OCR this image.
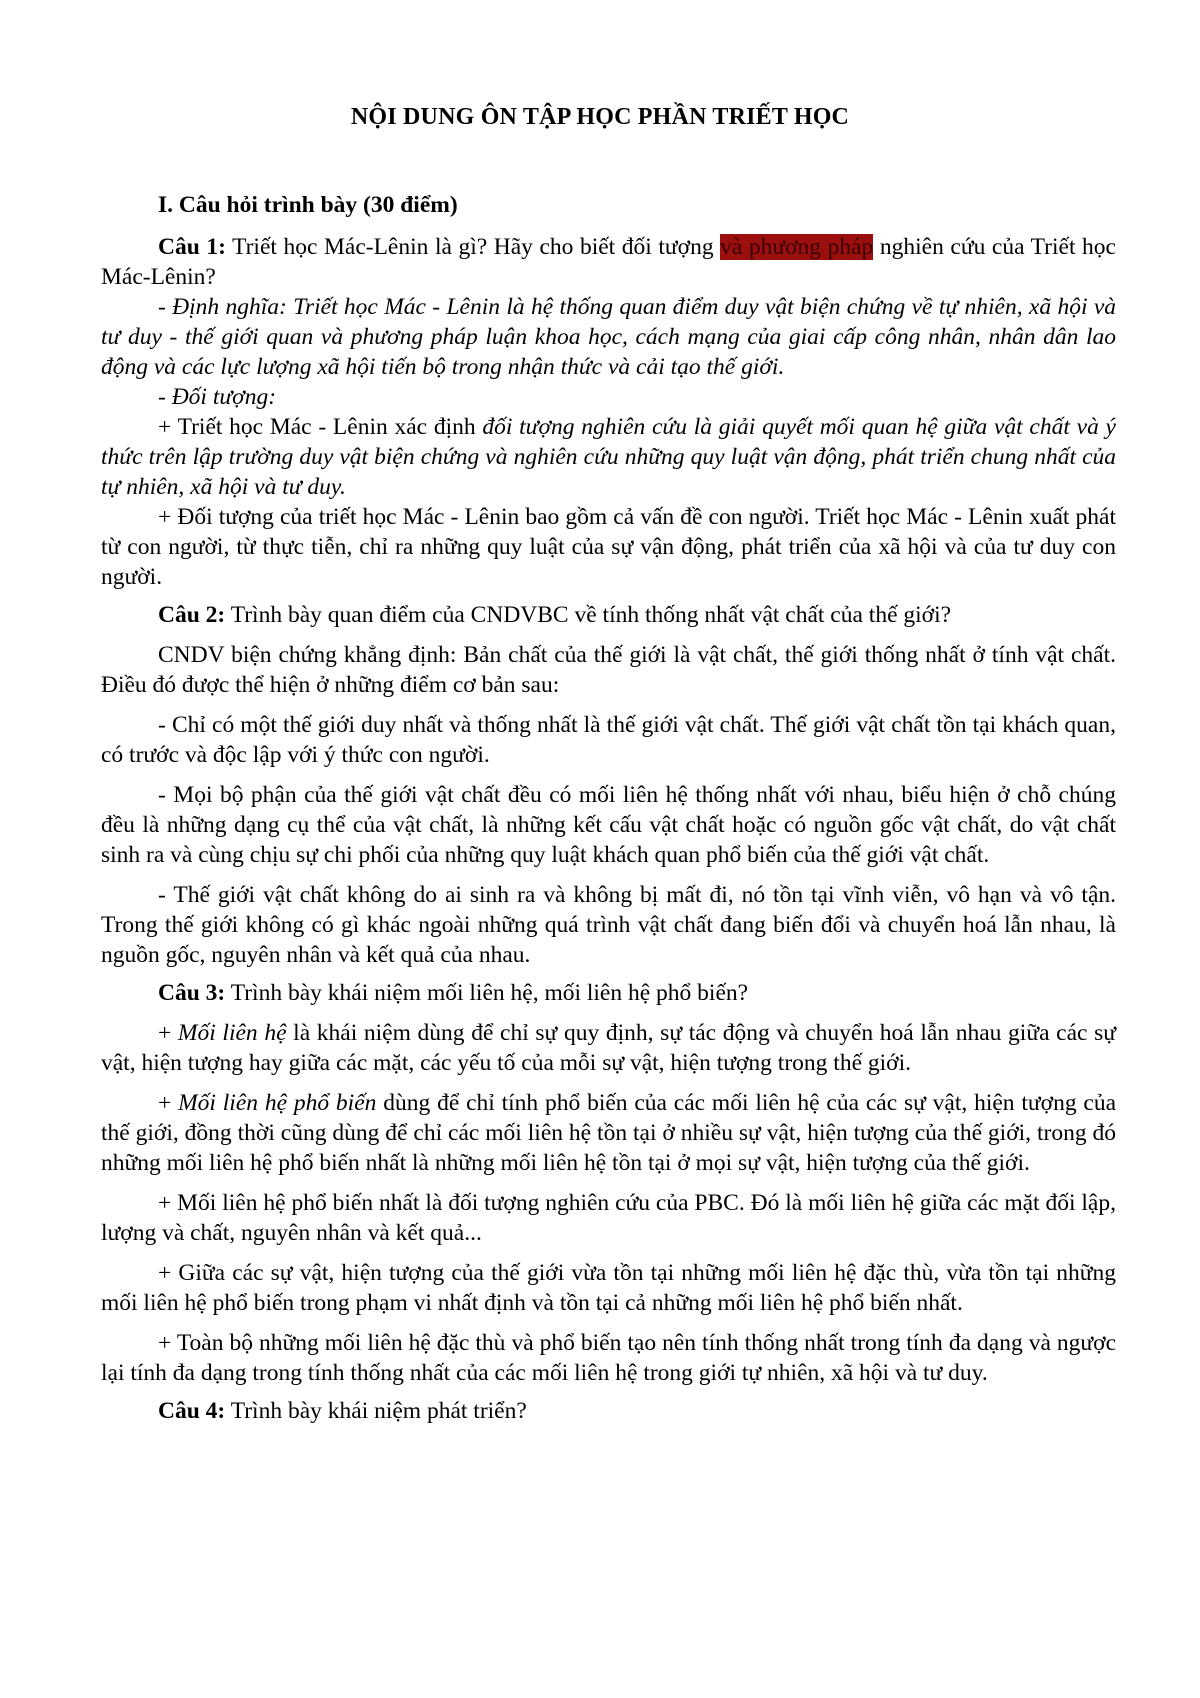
NỘI DUNG ÔN TẬP HỌC PHẦN TRIẾT HỌC

I. Câu hỏi trình bày (30 điểm)

Câu 1: Triết học Mác-Lênin là gì? Hãy cho biết đối tượng và phương pháp nghiên cứu của Triết học Mác-Lênin?

- Định nghĩa: Triết học Mác - Lênin là hệ thống quan điểm duy vật biện chứng về tự nhiên, xã hội và tư duy - thế giới quan và phương pháp luận khoa học, cách mạng của giai cấp công nhân, nhân dân lao động và các lực lượng xã hội tiến bộ trong nhận thức và cải tạo thế giới.

- Đối tượng:

+ Triết học Mác - Lênin xác định đối tượng nghiên cứu là giải quyết mối quan hệ giữa vật chất và ý thức trên lập trường duy vật biện chứng và nghiên cứu những quy luật vận động, phát triển chung nhất của tự nhiên, xã hội và tư duy.

+ Đối tượng của triết học Mác - Lênin bao gồm cả vấn đề con người. Triết học Mác - Lênin xuất phát từ con người, từ thực tiễn, chỉ ra những quy luật của sự vận động, phát triển của xã hội và của tư duy con người.

Câu 2: Trình bày quan điểm của CNDVBC về tính thống nhất vật chất của thế giới?

CNDV biện chứng khẳng định: Bản chất của thế giới là vật chất, thế giới thống nhất ở tính vật chất. Điều đó được thể hiện ở những điểm cơ bản sau:

- Chỉ có một thế giới duy nhất và thống nhất là thế giới vật chất. Thế giới vật chất tồn tại khách quan, có trước và độc lập với ý thức con người.

- Mọi bộ phận của thế giới vật chất đều có mối liên hệ thống nhất với nhau, biểu hiện ở chỗ chúng đều là những dạng cụ thể của vật chất, là những kết cấu vật chất hoặc có nguồn gốc vật chất, do vật chất sinh ra và cùng chịu sự chi phối của những quy luật khách quan phổ biến của thế giới vật chất.

- Thế giới vật chất không do ai sinh ra và không bị mất đi, nó tồn tại vĩnh viễn, vô hạn và vô tận. Trong thế giới không có gì khác ngoài những quá trình vật chất đang biến đổi và chuyển hoá lẫn nhau, là nguồn gốc, nguyên nhân và kết quả của nhau.

Câu 3: Trình bày khái niệm mối liên hệ, mối liên hệ phổ biến?

+ Mối liên hệ là khái niệm dùng để chỉ sự quy định, sự tác động và chuyển hoá lẫn nhau giữa các sự vật, hiện tượng hay giữa các mặt, các yếu tố của mỗi sự vật, hiện tượng trong thế giới.

+ Mối liên hệ phổ biến dùng để chỉ tính phổ biến của các mối liên hệ của các sự vật, hiện tượng của thế giới, đồng thời cũng dùng để chỉ các mối liên hệ tồn tại ở nhiều sự vật, hiện tượng của thế giới, trong đó những mối liên hệ phổ biến nhất là những mối liên hệ tồn tại ở mọi sự vật, hiện tượng của thế giới.

+ Mối liên hệ phổ biến nhất là đối tượng nghiên cứu của PBC. Đó là mối liên hệ giữa các mặt đối lập, lượng và chất, nguyên nhân và kết quả...

+ Giữa các sự vật, hiện tượng của thế giới vừa tồn tại những mối liên hệ đặc thù, vừa tồn tại những mối liên hệ phổ biến trong phạm vi nhất định và tồn tại cả những mối liên hệ phổ biến nhất.

+ Toàn bộ những mối liên hệ đặc thù và phổ biến tạo nên tính thống nhất trong tính đa dạng và ngược lại tính đa dạng trong tính thống nhất của các mối liên hệ trong giới tự nhiên, xã hội và tư duy.

Câu 4: Trình bày khái niệm phát triển?
